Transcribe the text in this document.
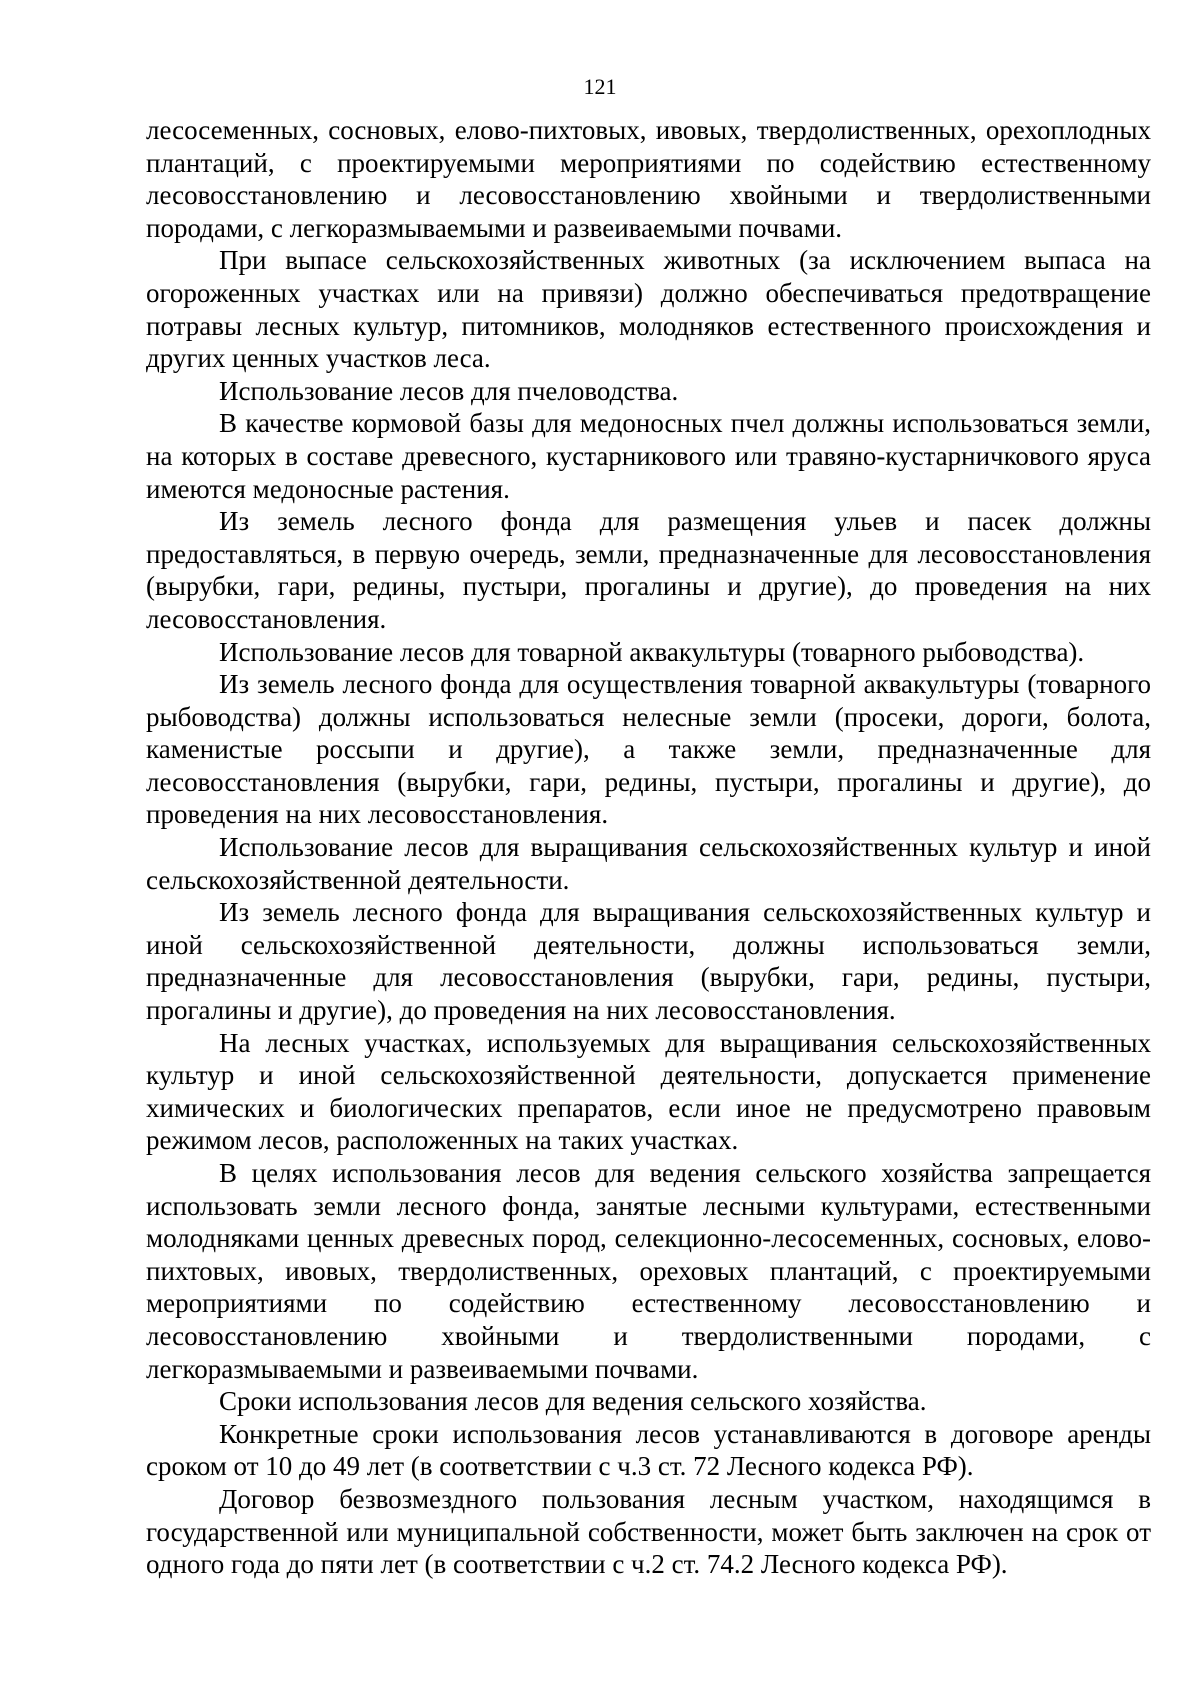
121

лесосеменных, сосновых, елово-пихтовых, ивовых, твердолиственных, орехоплодных плантаций, с проектируемыми мероприятиями по содействию естественному лесовосстановлению и лесовосстановлению хвойными и твердолиственными породами, с легкоразмываемыми и развеиваемыми почвами.

При выпасе сельскохозяйственных животных (за исключением выпаса на огороженных участках или на привязи) должно обеспечиваться предотвращение потравы лесных культур, питомников, молодняков естественного происхождения и других ценных участков леса.

Использование лесов для пчеловодства.

В качестве кормовой базы для медоносных пчел должны использоваться земли, на которых в составе древесного, кустарникового или травяно-кустарничкового яруса имеются медоносные растения.

Из земель лесного фонда для размещения ульев и пасек должны предоставляться, в первую очередь, земли, предназначенные для лесовосстановления (вырубки, гари, редины, пустыри, прогалины и другие), до проведения на них лесовосстановления.

Использование лесов для товарной аквакультуры (товарного рыбоводства).

Из земель лесного фонда для осуществления товарной аквакультуры (товарного рыбоводства) должны использоваться нелесные земли (просеки, дороги, болота, каменистые россыпи и другие), а также земли, предназначенные для лесовосстановления (вырубки, гари, редины, пустыри, прогалины и другие), до проведения на них лесовосстановления.

Использование лесов для выращивания сельскохозяйственных культур и иной сельскохозяйственной деятельности.

Из земель лесного фонда для выращивания сельскохозяйственных культур и иной сельскохозяйственной деятельности, должны использоваться земли, предназначенные для лесовосстановления (вырубки, гари, редины, пустыри, прогалины и другие), до проведения на них лесовосстановления.

На лесных участках, используемых для выращивания сельскохозяйственных культур и иной сельскохозяйственной деятельности, допускается применение химических и биологических препаратов, если иное не предусмотрено правовым режимом лесов, расположенных на таких участках.

В целях использования лесов для ведения сельского хозяйства запрещается использовать земли лесного фонда, занятые лесными культурами, естественными молодняками ценных древесных пород, селекционно-лесосеменных, сосновых, елово-пихтовых, ивовых, твердолиственных, ореховых плантаций, с проектируемыми мероприятиями по содействию естественному лесовосстановлению и лесовосстановлению хвойными и твердолиственными породами, с легкоразмываемыми и развеиваемыми почвами.

Сроки использования лесов для ведения сельского хозяйства.

Конкретные сроки использования лесов устанавливаются в договоре аренды сроком от 10 до 49 лет (в соответствии с ч.3 ст. 72 Лесного кодекса РФ).

Договор безвозмездного пользования лесным участком, находящимся в государственной или муниципальной собственности, может быть заключен на срок от одного года до пяти лет (в соответствии с ч.2 ст. 74.2 Лесного кодекса РФ).
